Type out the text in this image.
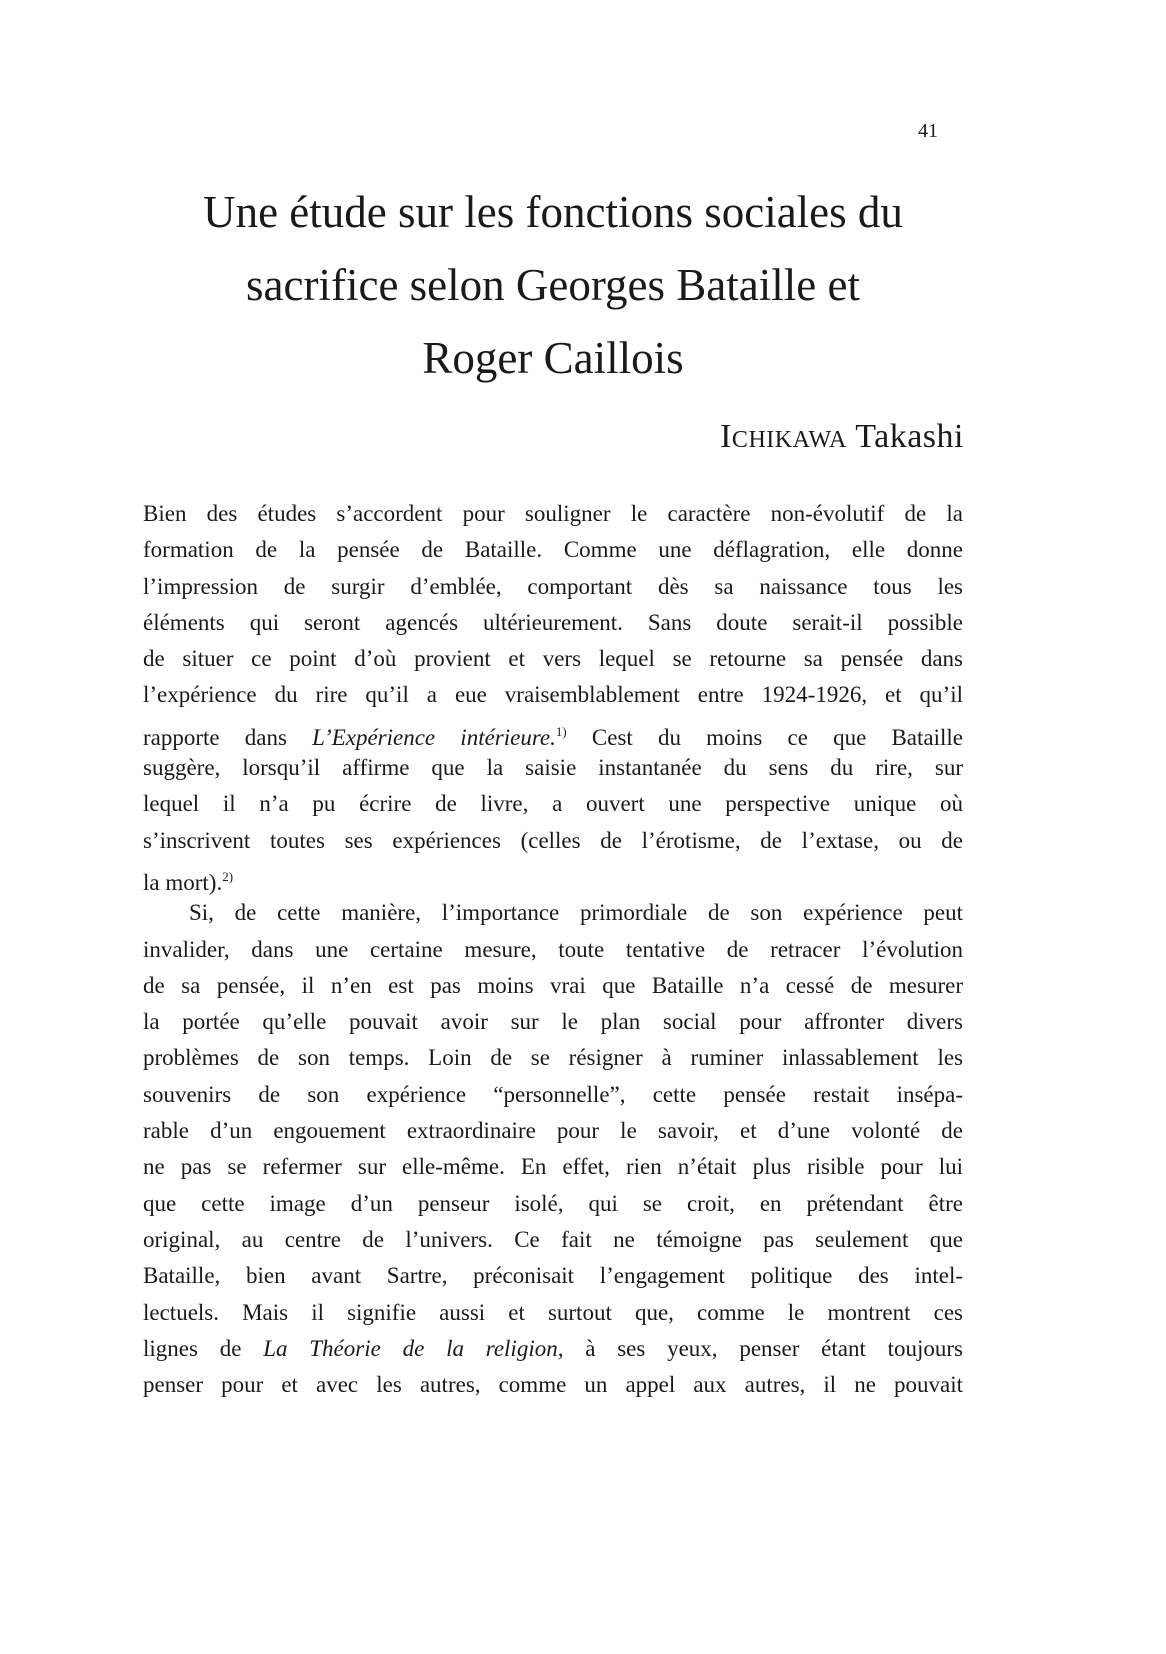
41
Une étude sur les fonctions sociales du
sacrifice selon Georges Bataille et
Roger Caillois
Ichikawa Takashi
Bien des études s’accordent pour souligner le caractère non-évolutif de la
formation de la pensée de Bataille. Comme une déflagration, elle donne
l’impression de surgir d’emblée, comportant dès sa naissance tous les
éléments qui seront agencés ultérieurement. Sans doute serait-il possible
de situer ce point d’où provient et vers lequel se retourne sa pensée dans
l’expérience du rire qu’il a eue vraisemblablement entre 1924-1926, et qu’il
rapporte dans L’Expérience intérieure.$^{1)}$ Cest du moins ce que Bataille
suggère, lorsqu’il affirme que la saisie instantanée du sens du rire, sur
lequel il n’a pu écrire de livre, a ouvert une perspective unique où
s’inscrivent toutes ses expériences (celles de l’érotisme, de l’extase, ou de
la mort).$^{2)}$
Si, de cette manière, l’importance primordiale de son expérience peut
invalider, dans une certaine mesure, toute tentative de retracer l’évolution
de sa pensée, il n’en est pas moins vrai que Bataille n’a cessé de mesurer
la portée qu’elle pouvait avoir sur le plan social pour affronter divers
problèmes de son temps. Loin de se résigner à ruminer inlassablement les
souvenirs de son expérience “personnelle”, cette pensée restait insépa-
rable d’un engouement extraordinaire pour le savoir, et d’une volonté de
ne pas se refermer sur elle-même. En effet, rien n’était plus risible pour lui
que cette image d’un penseur isolé, qui se croit, en prétendant être
original, au centre de l’univers. Ce fait ne témoigne pas seulement que
Bataille, bien avant Sartre, préconisait l’engagement politique des intel-
lectuels. Mais il signifie aussi et surtout que, comme le montrent ces
lignes de La Théorie de la religion, à ses yeux, penser étant toujours
penser pour et avec les autres, comme un appel aux autres, il ne pouvait
